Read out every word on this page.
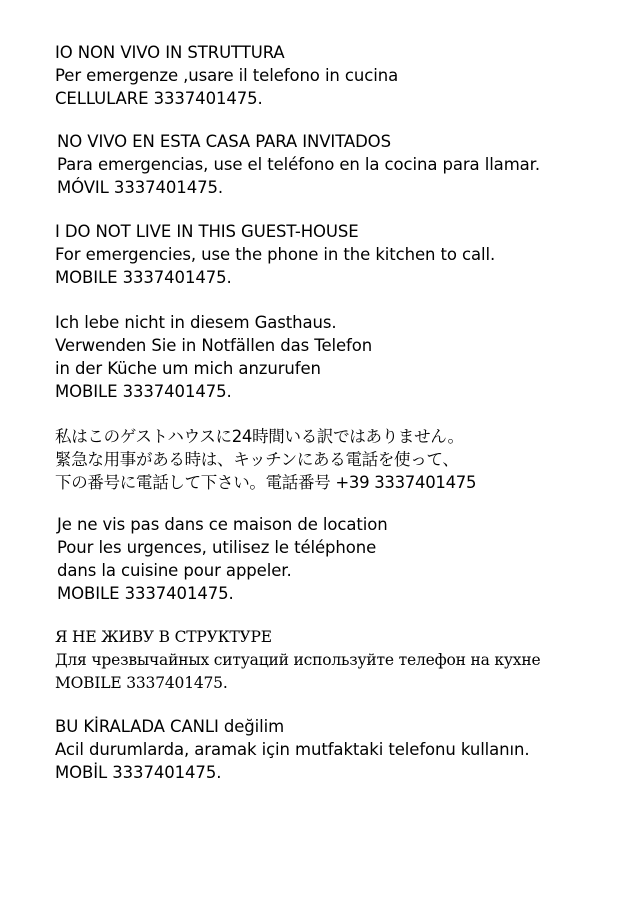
IO NON VIVO IN STRUTTURA
Per emergenze ,usare il telefono in cucina
CELLULARE 3337401475.
NO VIVO EN ESTA CASA PARA INVITADOS
Para emergencias, use el teléfono en la cocina para llamar.
MÓVIL 3337401475.
I DO NOT LIVE IN THIS GUEST-HOUSE
For emergencies, use the phone in the kitchen to call.
MOBILE 3337401475.
Ich lebe nicht in diesem Gasthaus.
Verwenden Sie in Notfällen das Telefon
in der Küche um mich anzurufen
MOBILE 3337401475.
私はこのゲストハウスに24時間いる訳ではありません。
緊急な用事がある時は、キッチンにある電話を使って、
下の番号に電話して下さい。電話番号 +39 3337401475
Je ne vis pas dans ce maison de location
Pour les urgences, utilisez le téléphone
dans la cuisine pour appeler.
MOBILE 3337401475.
Я НЕ ЖИВУ В СТРУКТУРЕ
Для чрезвычайных ситуаций используйте телефон на кухне
MOBILE 3337401475.
BU KİRALADA CANLI değilim
Acil durumlarda, aramak için mutfaktaki telefonu kullanın.
MOBİL 3337401475.
